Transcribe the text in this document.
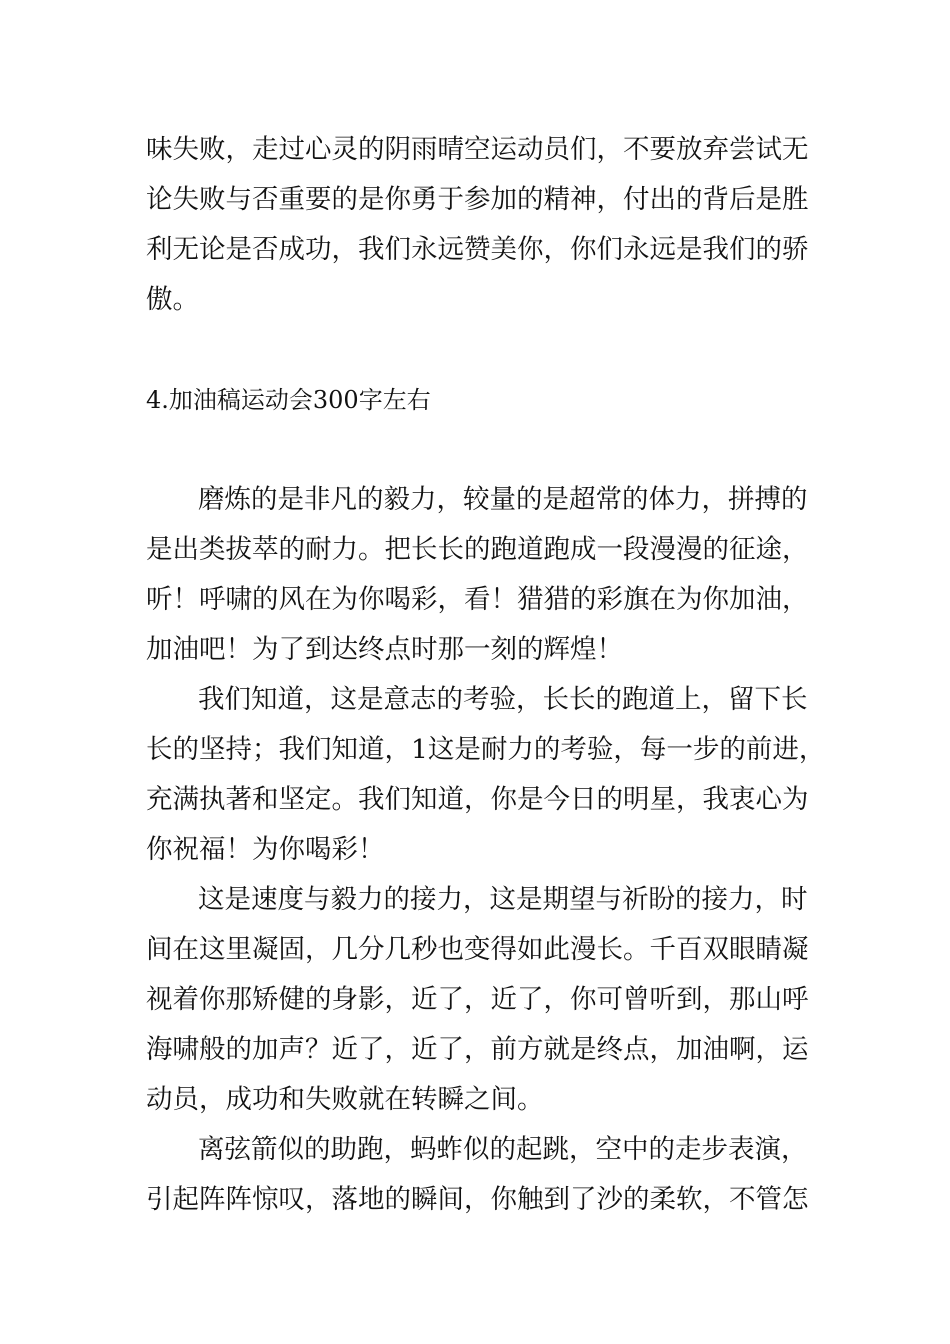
味失败，走过心灵的阴雨晴空运动员们，不要放弃尝试无
论失败与否重要的是你勇于参加的精神，付出的背后是胜
利无论是否成功，我们永远赞美你，你们永远是我们的骄
傲。
4.加油稿运动会300字左右
磨炼的是非凡的毅力，较量的是超常的体力，拼搏的
是出类拔萃的耐力。把长长的跑道跑成一段漫漫的征途，
听！呼啸的风在为你喝彩，看！猎猎的彩旗在为你加油，
加油吧！为了到达终点时那一刻的辉煌！
我们知道，这是意志的考验，长长的跑道上，留下长
长的坚持；我们知道，1这是耐力的考验，每一步的前进，
充满执著和坚定。我们知道，你是今日的明星，我衷心为
你祝福！为你喝彩！
这是速度与毅力的接力，这是期望与祈盼的接力，时
间在这里凝固，几分几秒也变得如此漫长。千百双眼睛凝
视着你那矫健的身影，近了，近了，你可曾听到，那山呼
海啸般的加声？近了，近了，前方就是终点，加油啊，运
动员，成功和失败就在转瞬之间。
离弦箭似的助跑，蚂蚱似的起跳，空中的走步表演，
引起阵阵惊叹，落地的瞬间，你触到了沙的柔软，不管怎
